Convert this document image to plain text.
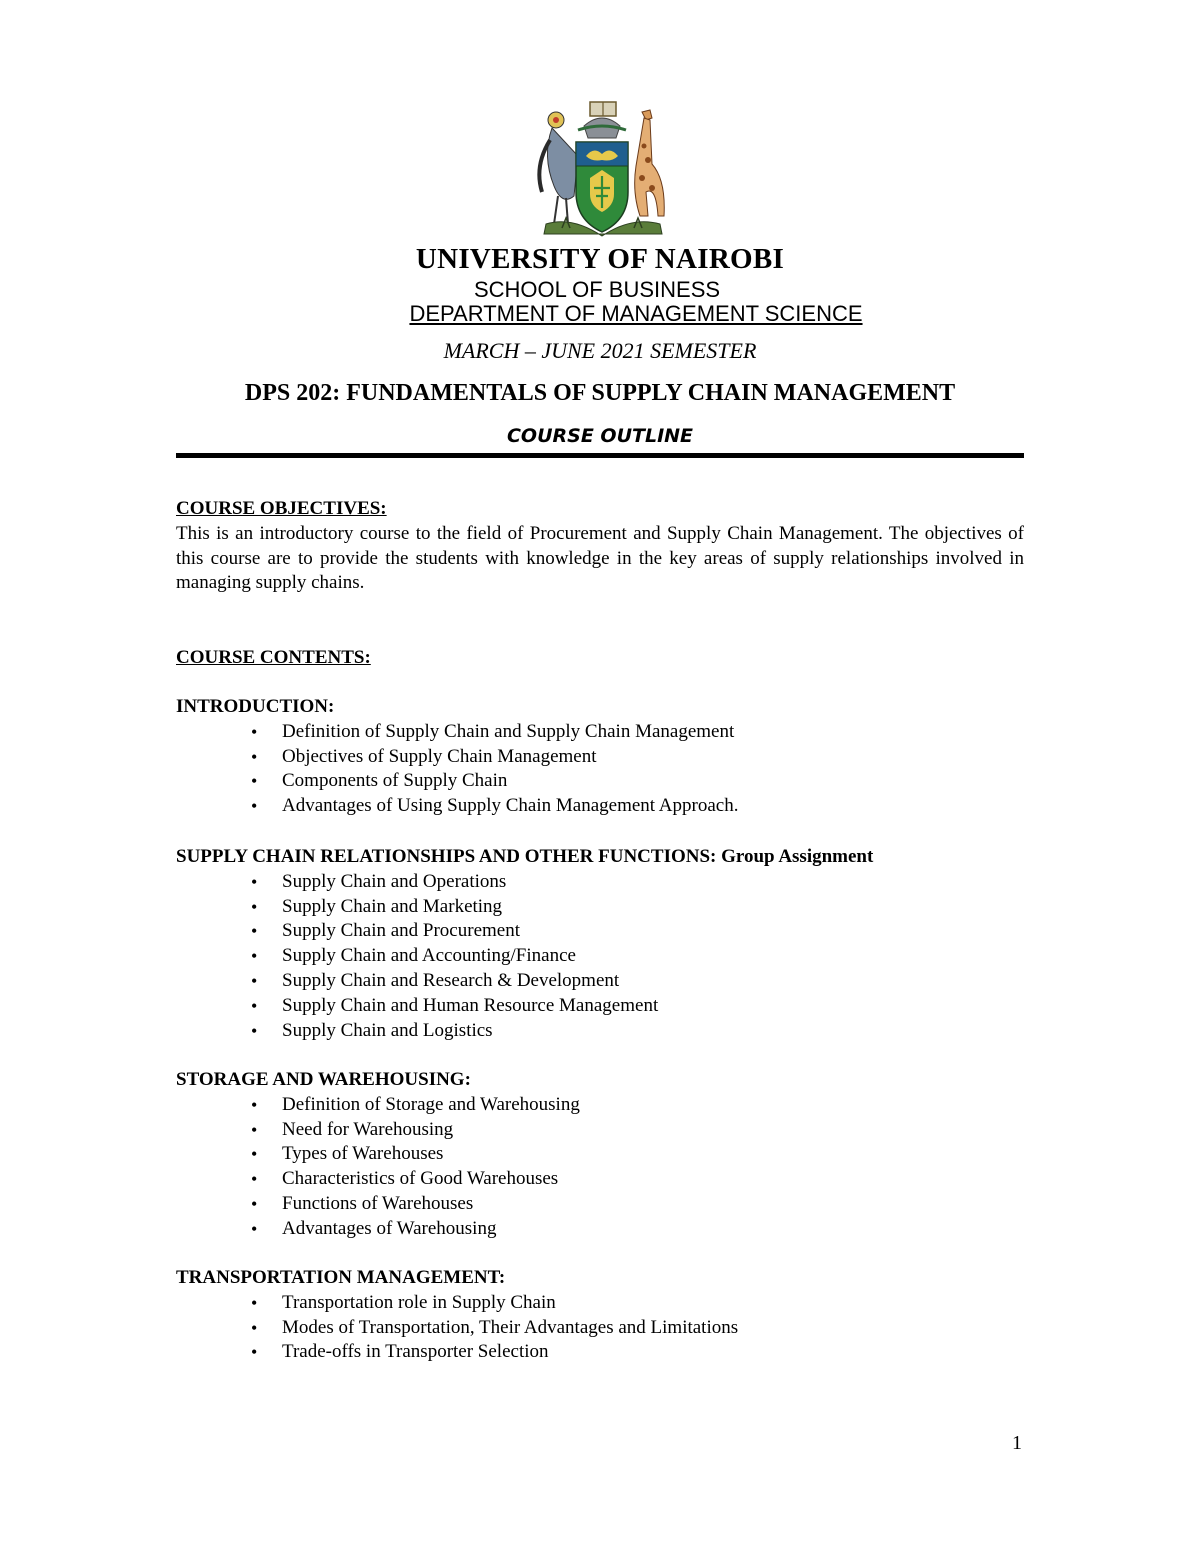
UNIVERSITY OF NAIROBI
SCHOOL OF BUSINESS
DEPARTMENT OF MANAGEMENT SCIENCE
MARCH – JUNE 2021 SEMESTER
DPS 202: FUNDAMENTALS OF SUPPLY CHAIN MANAGEMENT
COURSE OUTLINE
COURSE OBJECTIVES:
This is an introductory course to the field of Procurement and Supply Chain Management. The objectives of this course are to provide the students with knowledge in the key areas of supply relationships involved in managing supply chains.
COURSE CONTENTS:
INTRODUCTION:
• Definition of Supply Chain and Supply Chain Management
• Objectives of Supply Chain Management
• Components of Supply Chain
• Advantages of Using Supply Chain Management Approach.
SUPPLY CHAIN RELATIONSHIPS AND OTHER FUNCTIONS: Group Assignment
• Supply Chain and Operations
• Supply Chain and Marketing
• Supply Chain and Procurement
• Supply Chain and Accounting/Finance
• Supply Chain and Research & Development
• Supply Chain and Human Resource Management
• Supply Chain and Logistics
STORAGE AND WAREHOUSING:
• Definition of Storage and Warehousing
• Need for Warehousing
• Types of Warehouses
• Characteristics of Good Warehouses
• Functions of Warehouses
• Advantages of Warehousing
TRANSPORTATION MANAGEMENT:
• Transportation role in Supply Chain
• Modes of Transportation, Their Advantages and Limitations
• Trade-offs in Transporter Selection
1
